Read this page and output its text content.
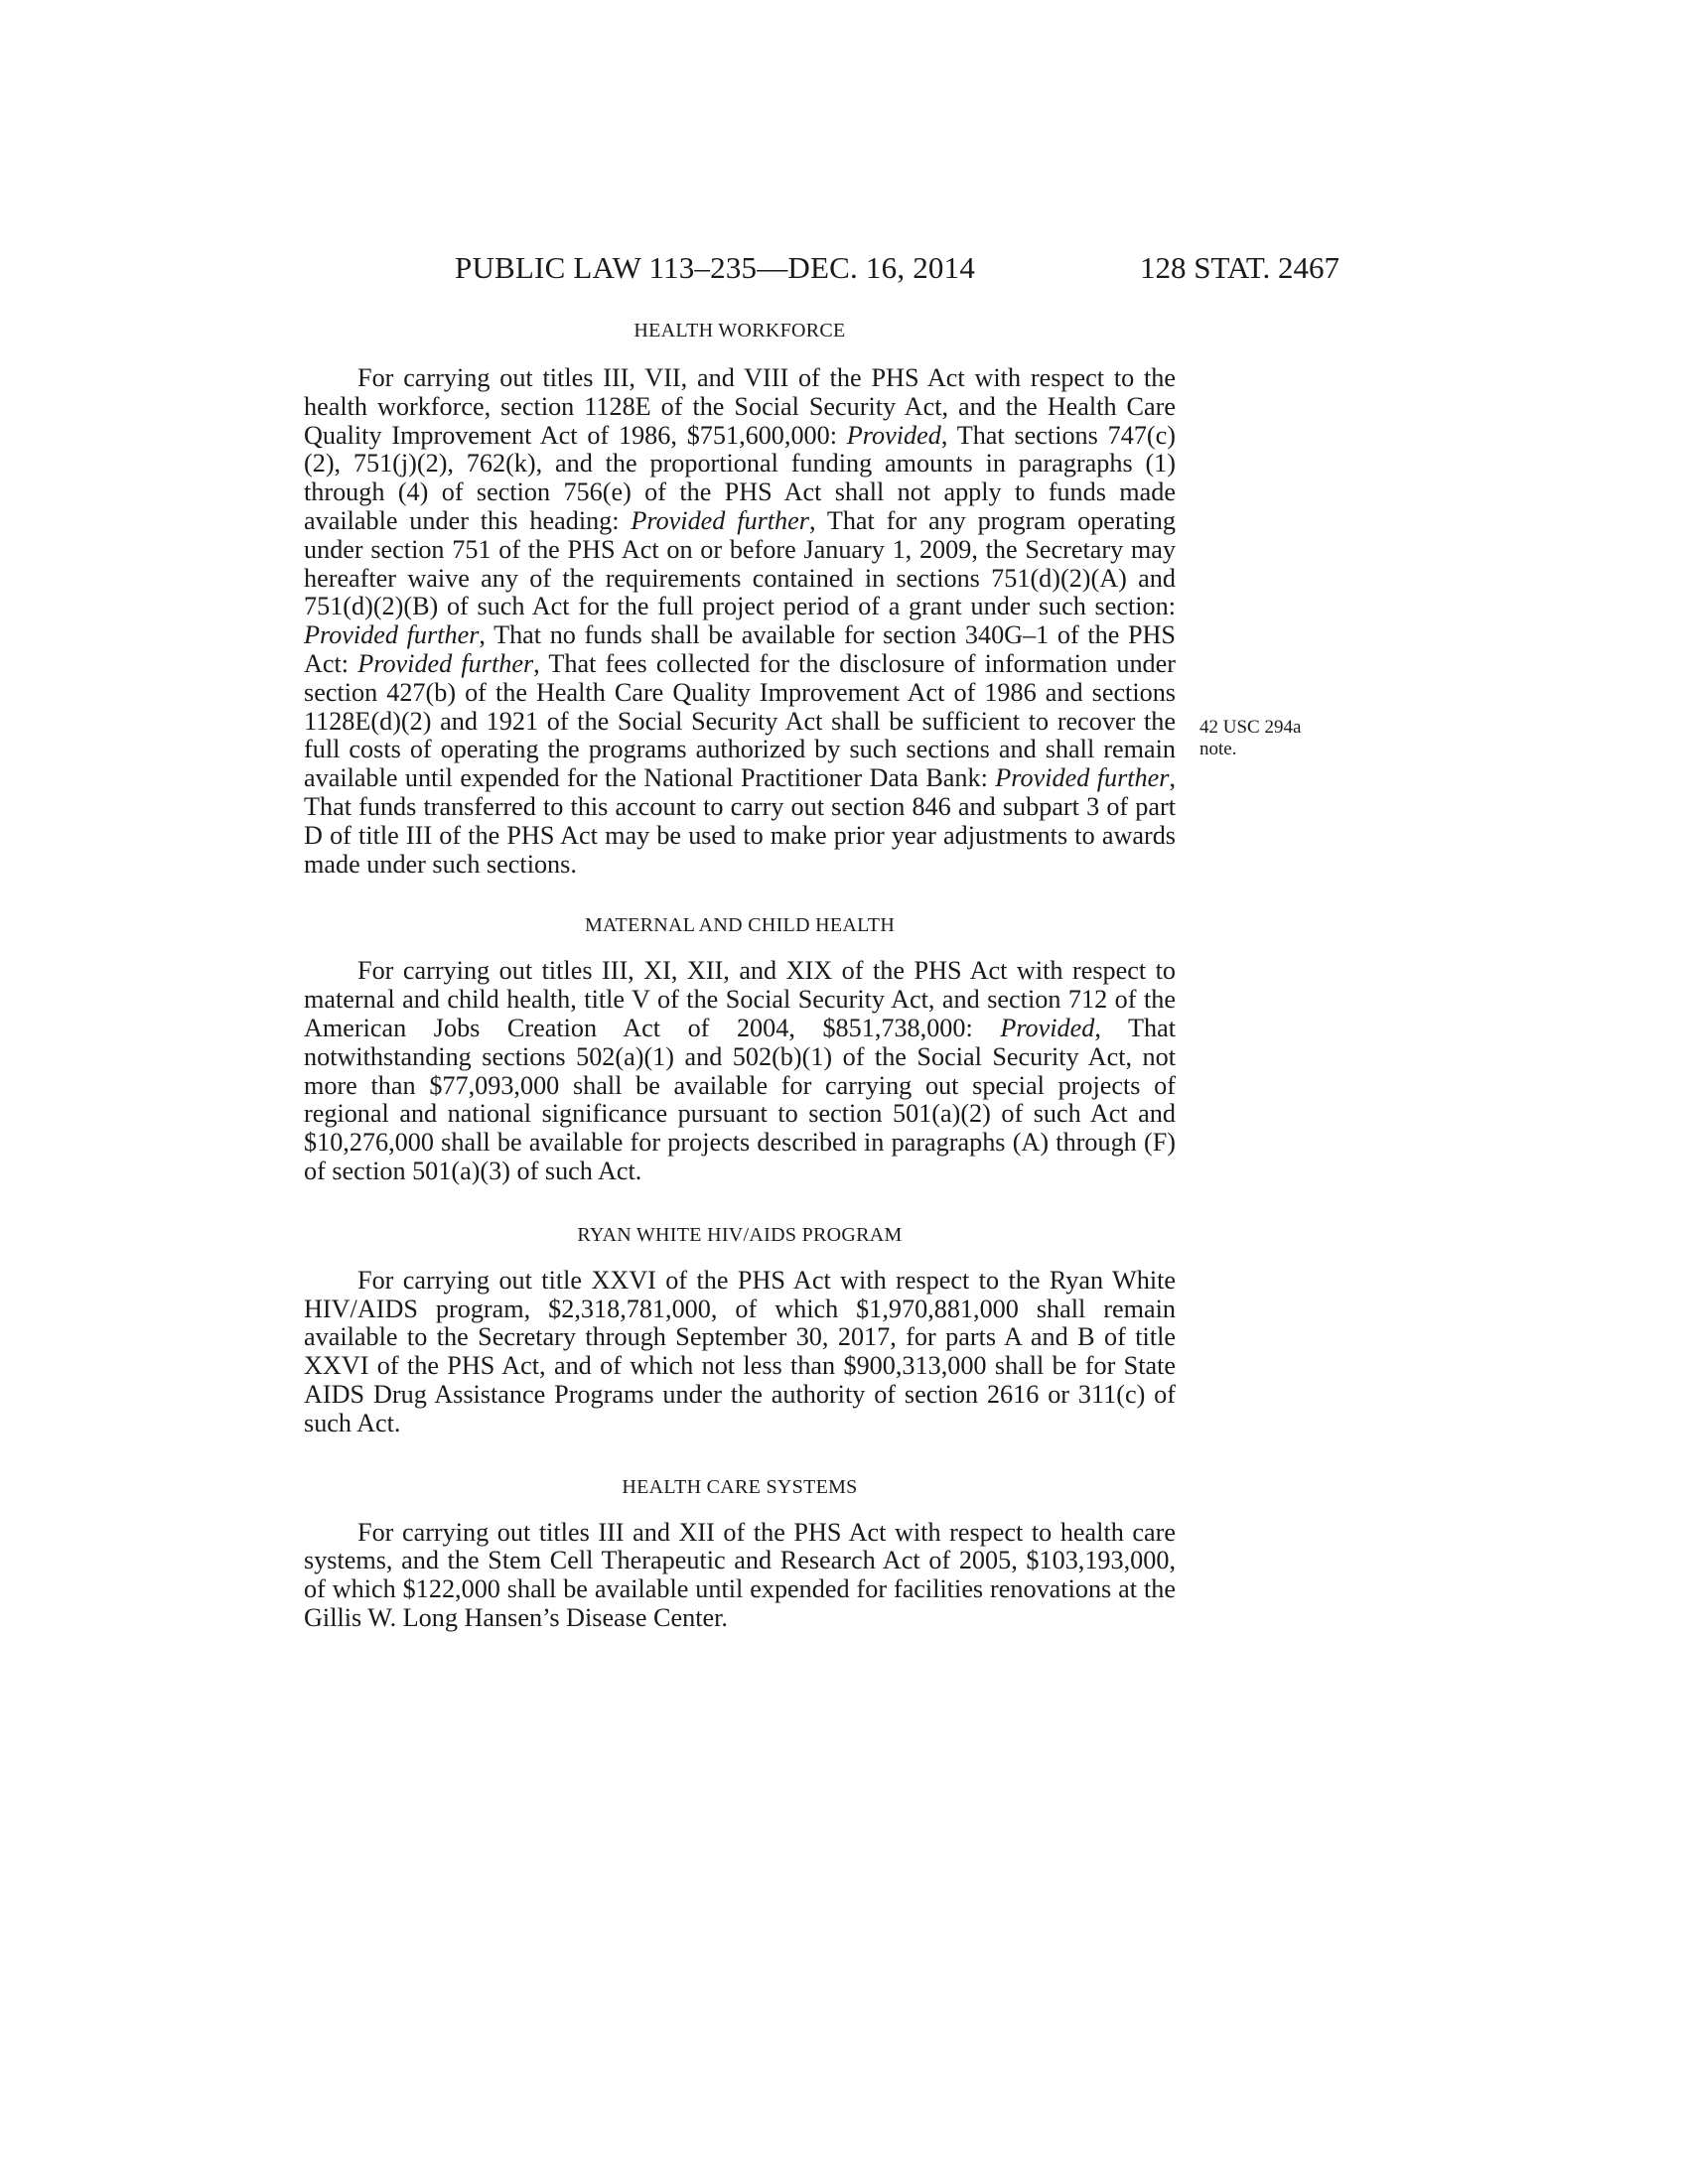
PUBLIC LAW 113–235—DEC. 16, 2014	128 STAT. 2467
HEALTH WORKFORCE

For carrying out titles III, VII, and VIII of the PHS Act with respect to the health workforce, section 1128E of the Social Security Act, and the Health Care Quality Improvement Act of 1986, $751,600,000: Provided, That sections 747(c)(2), 751(j)(2), 762(k), and the proportional funding amounts in paragraphs (1) through (4) of section 756(e) of the PHS Act shall not apply to funds made available under this heading: Provided further, That for any program operating under section 751 of the PHS Act on or before January 1, 2009, the Secretary may hereafter waive any of the requirements contained in sections 751(d)(2)(A) and 751(d)(2)(B) of such Act for the full project period of a grant under such section: Provided further, That no funds shall be available for section 340G–1 of the PHS Act: Provided further, That fees collected for the disclosure of information under section 427(b) of the Health Care Quality Improvement Act of 1986 and sections 1128E(d)(2) and 1921 of the Social Security Act shall be sufficient to recover the full costs of operating the programs authorized by such sections and shall remain available until expended for the National Practitioner Data Bank: Provided further, That funds transferred to this account to carry out section 846 and subpart 3 of part D of title III of the PHS Act may be used to make prior year adjustments to awards made under such sections.

MATERNAL AND CHILD HEALTH

For carrying out titles III, XI, XII, and XIX of the PHS Act with respect to maternal and child health, title V of the Social Security Act, and section 712 of the American Jobs Creation Act of 2004, $851,738,000: Provided, That notwithstanding sections 502(a)(1) and 502(b)(1) of the Social Security Act, not more than $77,093,000 shall be available for carrying out special projects of regional and national significance pursuant to section 501(a)(2) of such Act and $10,276,000 shall be available for projects described in paragraphs (A) through (F) of section 501(a)(3) of such Act.

RYAN WHITE HIV/AIDS PROGRAM

For carrying out title XXVI of the PHS Act with respect to the Ryan White HIV/AIDS program, $2,318,781,000, of which $1,970,881,000 shall remain available to the Secretary through September 30, 2017, for parts A and B of title XXVI of the PHS Act, and of which not less than $900,313,000 shall be for State AIDS Drug Assistance Programs under the authority of section 2616 or 311(c) of such Act.

HEALTH CARE SYSTEMS

For carrying out titles III and XII of the PHS Act with respect to health care systems, and the Stem Cell Therapeutic and Research Act of 2005, $103,193,000, of which $122,000 shall be available until expended for facilities renovations at the Gillis W. Long Hansen’s Disease Center.

42 USC 294a
note.
